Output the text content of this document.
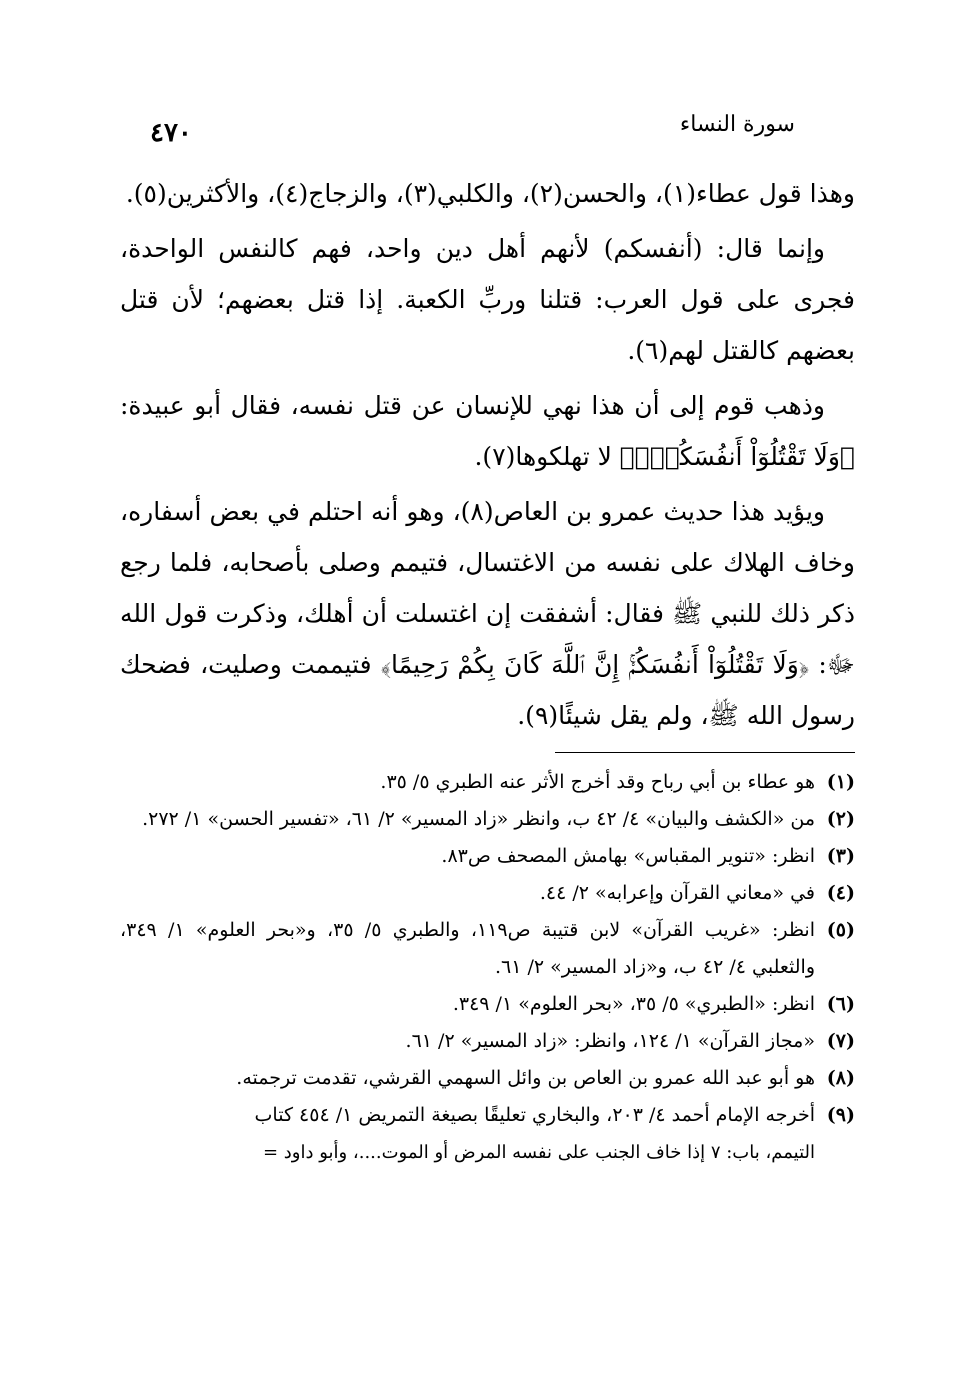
٤٧٠	سورة النساء

وهذا قول عطاء(١)، والحسن(٢)، والكلبي(٣)، والزجاج(٤)، والأكثرين(٥).

وإنما قال: (أنفسكم) لأنهم أهل دين واحد، فهم كالنفس الواحدة، فجرى على قول العرب: قتلنا وربِّ الكعبة. إذا قتل بعضهم؛ لأن قتل بعضهم كالقتل لهم(٦).

وذهب قوم إلى أن هذا نهي للإنسان عن قتل نفسه، فقال أبو عبيدة: ﴿وَلَا تَقْتُلُوٓاْ أَنفُسَكُمْۚ﴾ لا تهلكوها(٧).

ويؤيد هذا حديث عمرو بن العاص(٨)، وهو أنه احتلم في بعض أسفاره، وخاف الهلاك على نفسه من الاغتسال، فتيمم وصلى بأصحابه، فلما رجع ذكر ذلك للنبي ﷺ فقال: أشفقت إن اغتسلت أن أهلك، وذكرت قول الله ﷻ: ﴿وَلَا تَقْتُلُوٓاْ أَنفُسَكُمْۚ إِنَّ ٱللَّهَ كَانَ بِكُمْ رَحِيمًا﴾ فتيممت وصليت، فضحك رسول الله ﷺ، ولم يقل شيئًا(٩).

(١)
هو عطاء بن أبي رباح وقد أخرج الأثر عنه الطبري ٥/ ٣٥.
(٢)
من «الكشف والبيان» ٤/ ٤٢ ب، وانظر «زاد المسير» ٢/ ٦١، «تفسير الحسن» ١/ ٢٧٢.
(٣)
انظر: «تنوير المقباس» بهامش المصحف ص٨٣.
(٤)
في «معاني القرآن وإعرابه» ٢/ ٤٤.
(٥)
انظر: «غريب القرآن» لابن قتيبة ص١١٩، والطبري ٥/ ٣٥، و«بحر العلوم» ١/ ٣٤٩، والثعلبي ٤/ ٤٢ ب، و«زاد المسير» ٢/ ٦١.
(٦)
انظر: «الطبري» ٥/ ٣٥، «بحر العلوم» ١/ ٣٤٩.
(٧)
«مجاز القرآن» ١/ ١٢٤، وانظر: «زاد المسير» ٢/ ٦١.
(٨)
هو أبو عبد الله عمرو بن العاص بن وائل السهمي القرشي، تقدمت ترجمته.
(٩)
أخرجه الإمام أحمد ٤/ ٢٠٣، والبخاري تعليقًا بصيغة التمريض ١/ ٤٥٤ كتاب
التيمم، باب: ٧ إذا خاف الجنب على نفسه المرض أو الموت....، وأبو داود =
